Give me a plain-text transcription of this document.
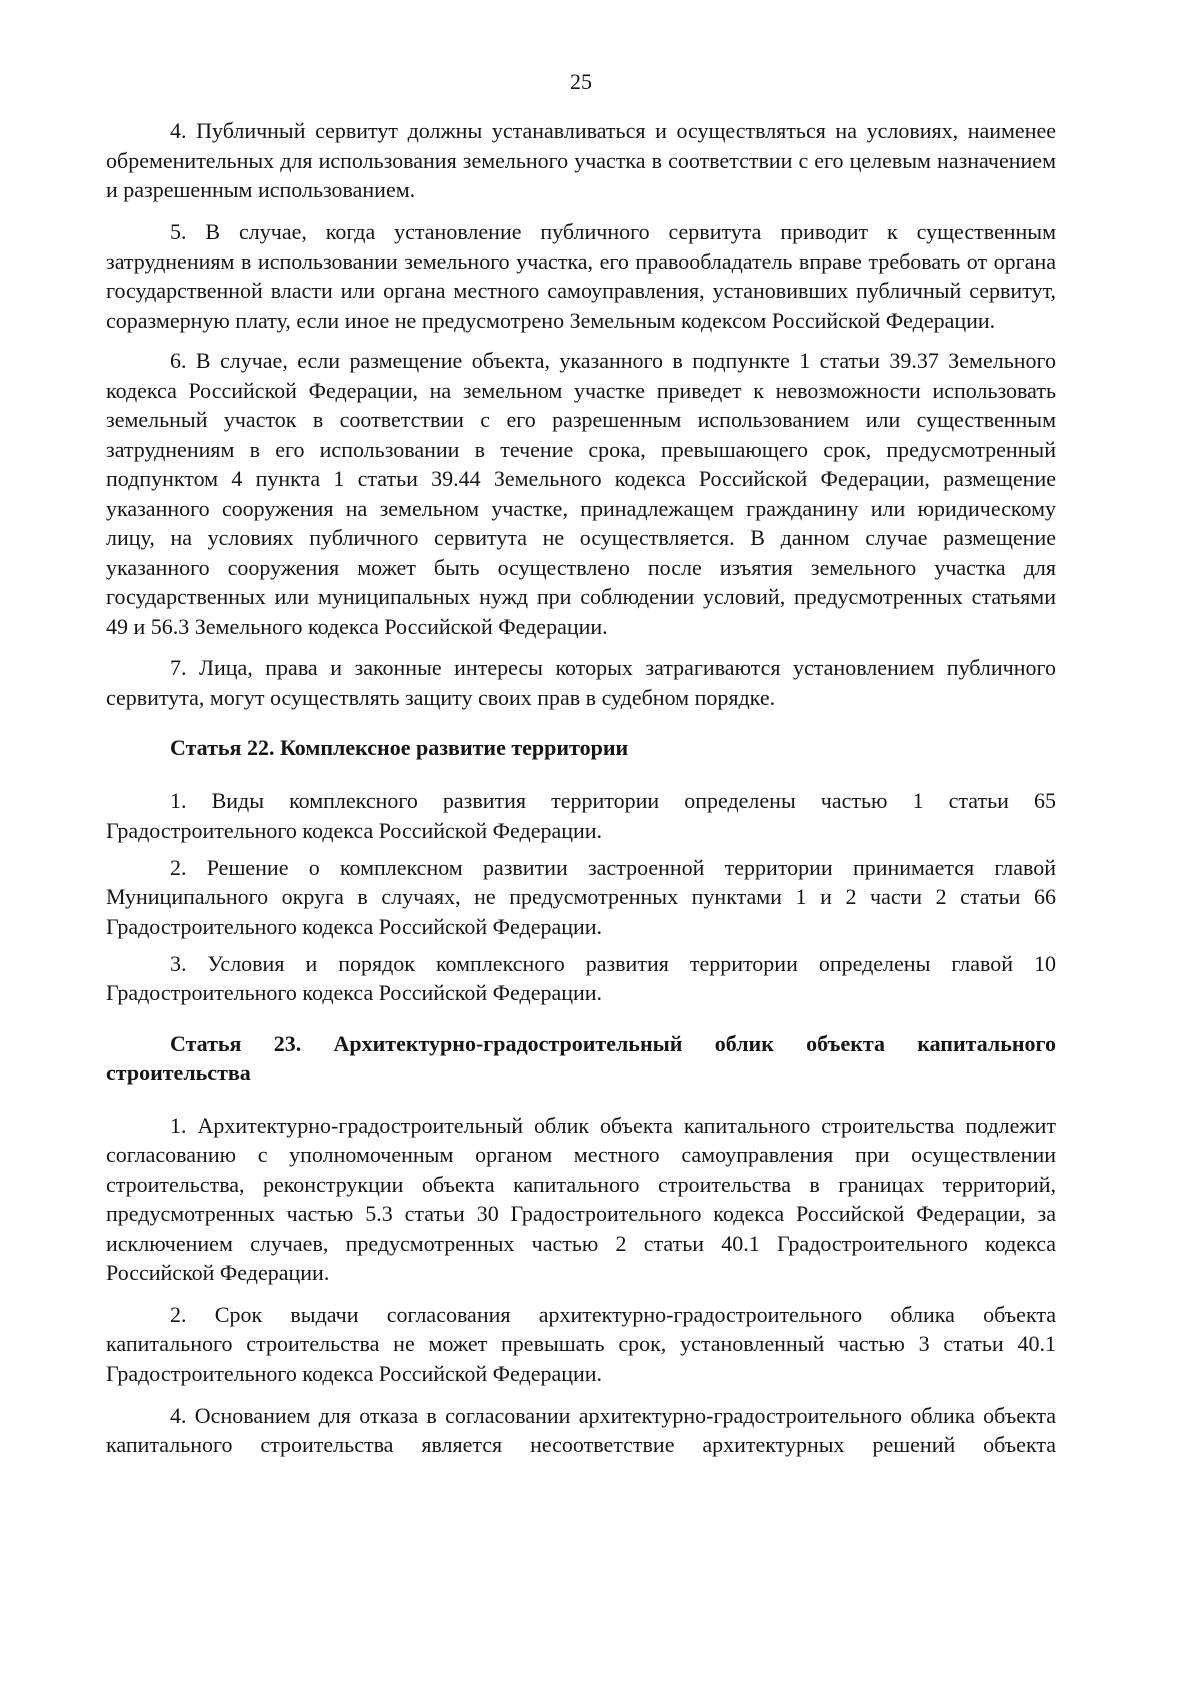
25
4. Публичный сервитут должны устанавливаться и осуществляться на условиях, наименее
обременительных для использования земельного участка в соответствии с его целевым назначением
и разрешенным использованием.
5. В случае, когда установление публичного сервитута приводит к существенным
затруднениям в использовании земельного участка, его правообладатель вправе требовать от органа
государственной власти или органа местного самоуправления, установивших публичный сервитут,
соразмерную плату, если иное не предусмотрено Земельным кодексом Российской Федерации.
6. В случае, если размещение объекта, указанного в подпункте 1 статьи 39.37 Земельного
кодекса Российской Федерации, на земельном участке приведет к невозможности использовать
земельный участок в соответствии с его разрешенным использованием или существенным
затруднениям в его использовании в течение срока, превышающего срок, предусмотренный
подпунктом 4 пункта 1 статьи 39.44 Земельного кодекса Российской Федерации, размещение
указанного сооружения на земельном участке, принадлежащем гражданину или юридическому
лицу, на условиях публичного сервитута не осуществляется. В данном случае размещение
указанного сооружения может быть осуществлено после изъятия земельного участка для
государственных или муниципальных нужд при соблюдении условий, предусмотренных статьями
49 и 56.3 Земельного кодекса Российской Федерации.
7. Лица, права и законные интересы которых затрагиваются установлением публичного
сервитута, могут осуществлять защиту своих прав в судебном порядке.
Статья 22. Комплексное развитие территории
1. Виды комплексного развития территории определены частью 1 статьи 65
Градостроительного кодекса Российской Федерации.
2. Решение о комплексном развитии застроенной территории принимается главой
Муниципального округа в случаях, не предусмотренных пунктами 1 и 2 части 2 статьи 66
Градостроительного кодекса Российской Федерации.
3. Условия и порядок комплексного развития территории определены главой 10
Градостроительного кодекса Российской Федерации.
Статья 23. Архитектурно-градостроительный облик объекта капитального
строительства
1. Архитектурно-градостроительный облик объекта капитального строительства подлежит
согласованию с уполномоченным органом местного самоуправления при осуществлении
строительства, реконструкции объекта капитального строительства в границах территорий,
предусмотренных частью 5.3 статьи 30 Градостроительного кодекса Российской Федерации, за
исключением случаев, предусмотренных частью 2 статьи 40.1 Градостроительного кодекса
Российской Федерации.
2. Срок выдачи согласования архитектурно-градостроительного облика объекта
капитального строительства не может превышать срок, установленный частью 3 статьи 40.1
Градостроительного кодекса Российской Федерации.
4. Основанием для отказа в согласовании архитектурно-градостроительного облика объекта
капитального строительства является несоответствие архитектурных решений объекта
